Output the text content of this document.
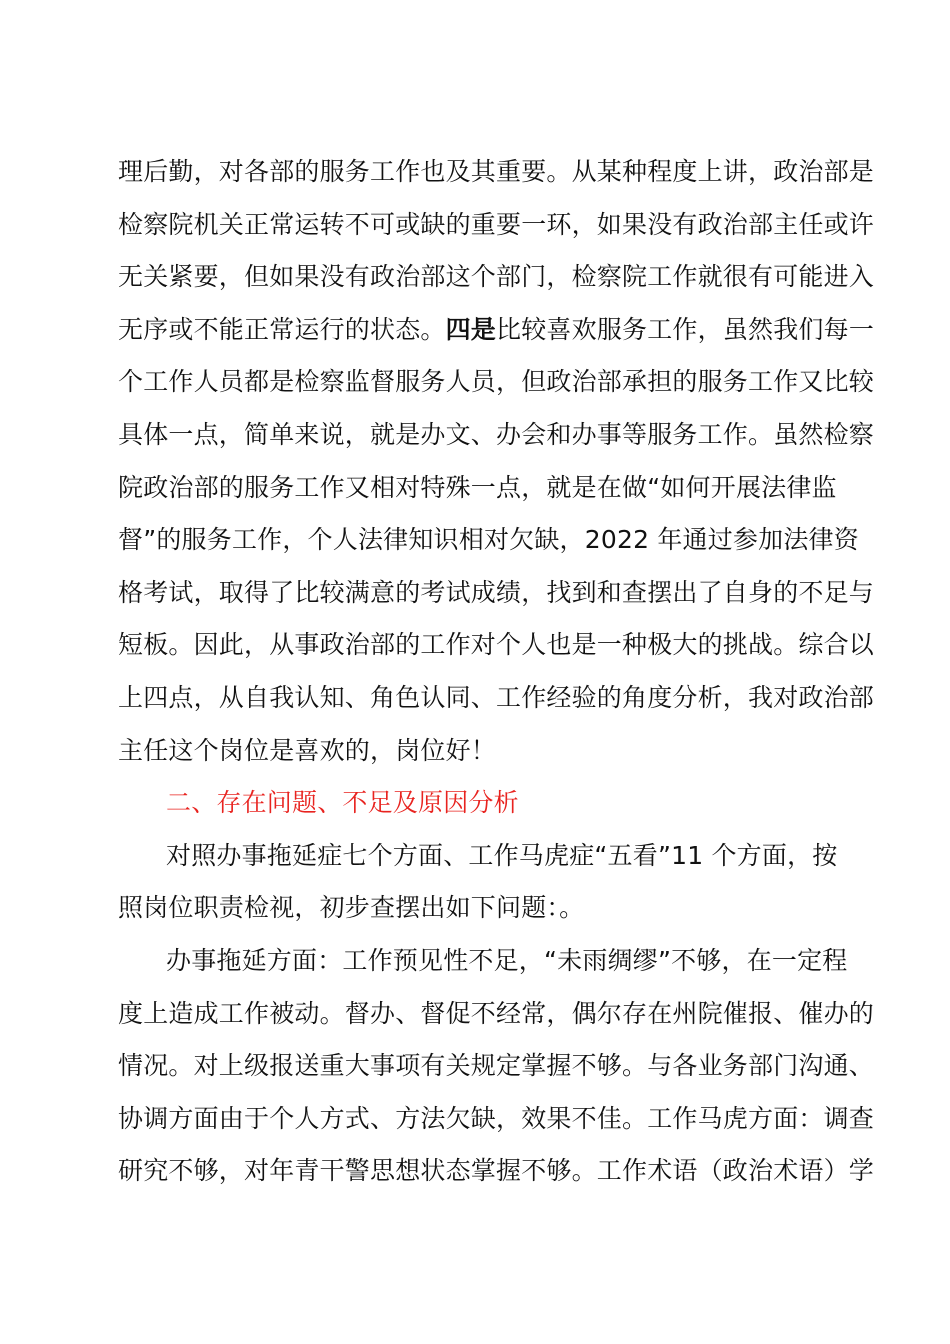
理后勤，对各部的服务工作也及其重要。从某种程度上讲，政治部是
检察院机关正常运转不可或缺的重要一环，如果没有政治部主任或许
无关紧要，但如果没有政治部这个部门，检察院工作就很有可能进入
无序或不能正常运行的状态。四是比较喜欢服务工作，虽然我们每一
个工作人员都是检察监督服务人员，但政治部承担的服务工作又比较
具体一点，简单来说，就是办文、办会和办事等服务工作。虽然检察
院政治部的服务工作又相对特殊一点，就是在做“如何开展法律监
督”的服务工作，个人法律知识相对欠缺，2022 年通过参加法律资
格考试，取得了比较满意的考试成绩，找到和查摆出了自身的不足与
短板。因此，从事政治部的工作对个人也是一种极大的挑战。综合以
上四点，从自我认知、角色认同、工作经验的角度分析，我对政治部
主任这个岗位是喜欢的，岗位好！
二、存在问题、不足及原因分析
对照办事拖延症七个方面、工作马虎症“五看”11 个方面，按
照岗位职责检视，初步查摆出如下问题：。
办事拖延方面：工作预见性不足，“未雨绸缪”不够，在一定程
度上造成工作被动。督办、督促不经常，偶尔存在州院催报、催办的
情况。对上级报送重大事项有关规定掌握不够。与各业务部门沟通、
协调方面由于个人方式、方法欠缺，效果不佳。工作马虎方面：调查
研究不够，对年青干警思想状态掌握不够。工作术语（政治术语）学
